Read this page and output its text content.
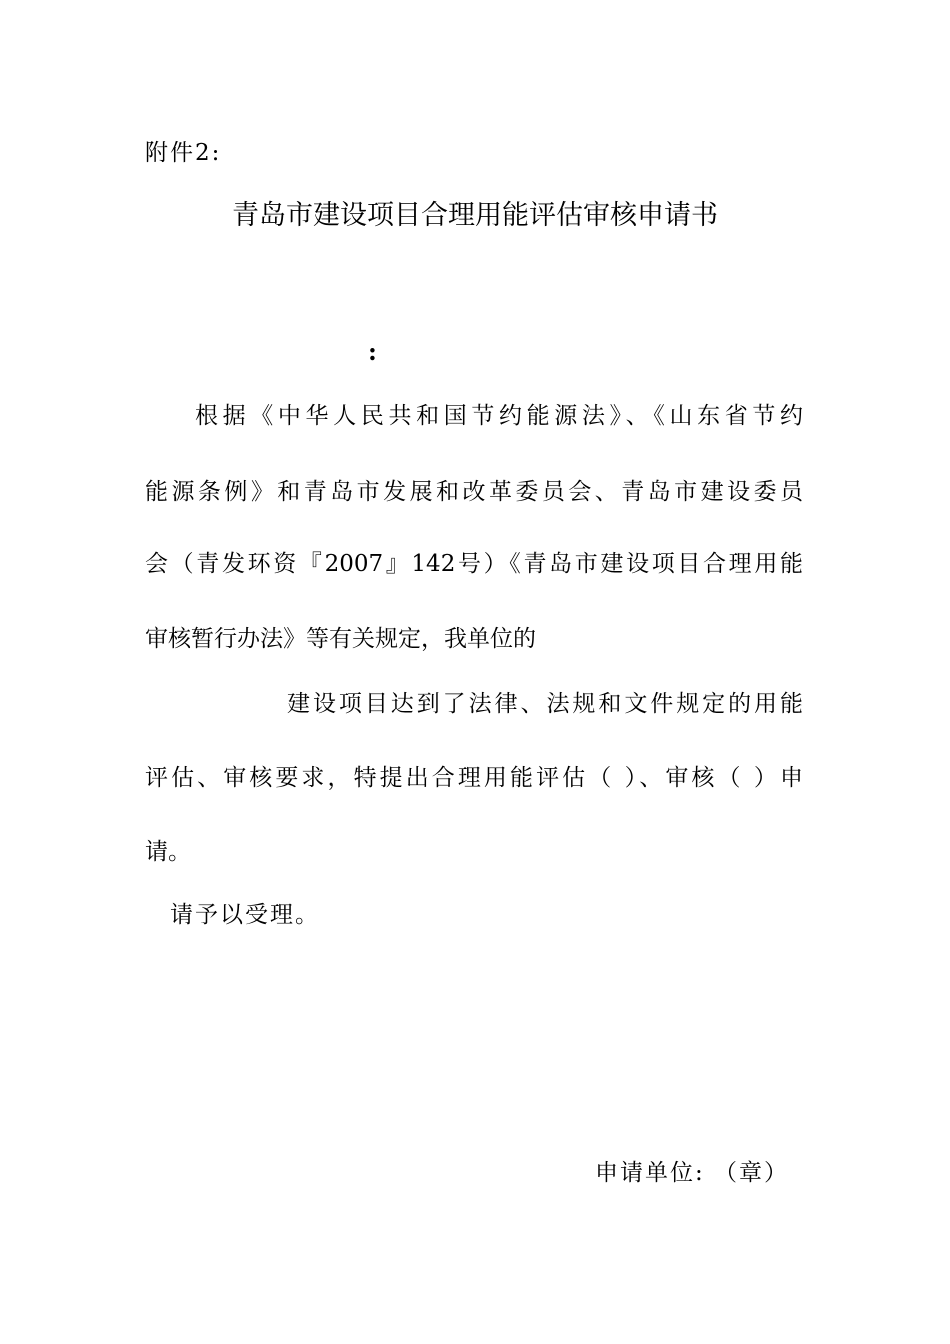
附件2:
青岛市建设项目合理用能评估审核申请书
:
根据《中华人民共和国节约能源法》、《山东省节约
能源条例》和青岛市发展和改革委员会、青岛市建设委员
会（青发环资『2007』142号）《青岛市建设项目合理用能
审核暂行办法》等有关规定，我单位的
建设项目达到了法律、法规和文件规定的用能
评估、审核要求，特提出合理用能评估（ ）、审核（ ）申
请。
请予以受理。
申请单位: （章）
